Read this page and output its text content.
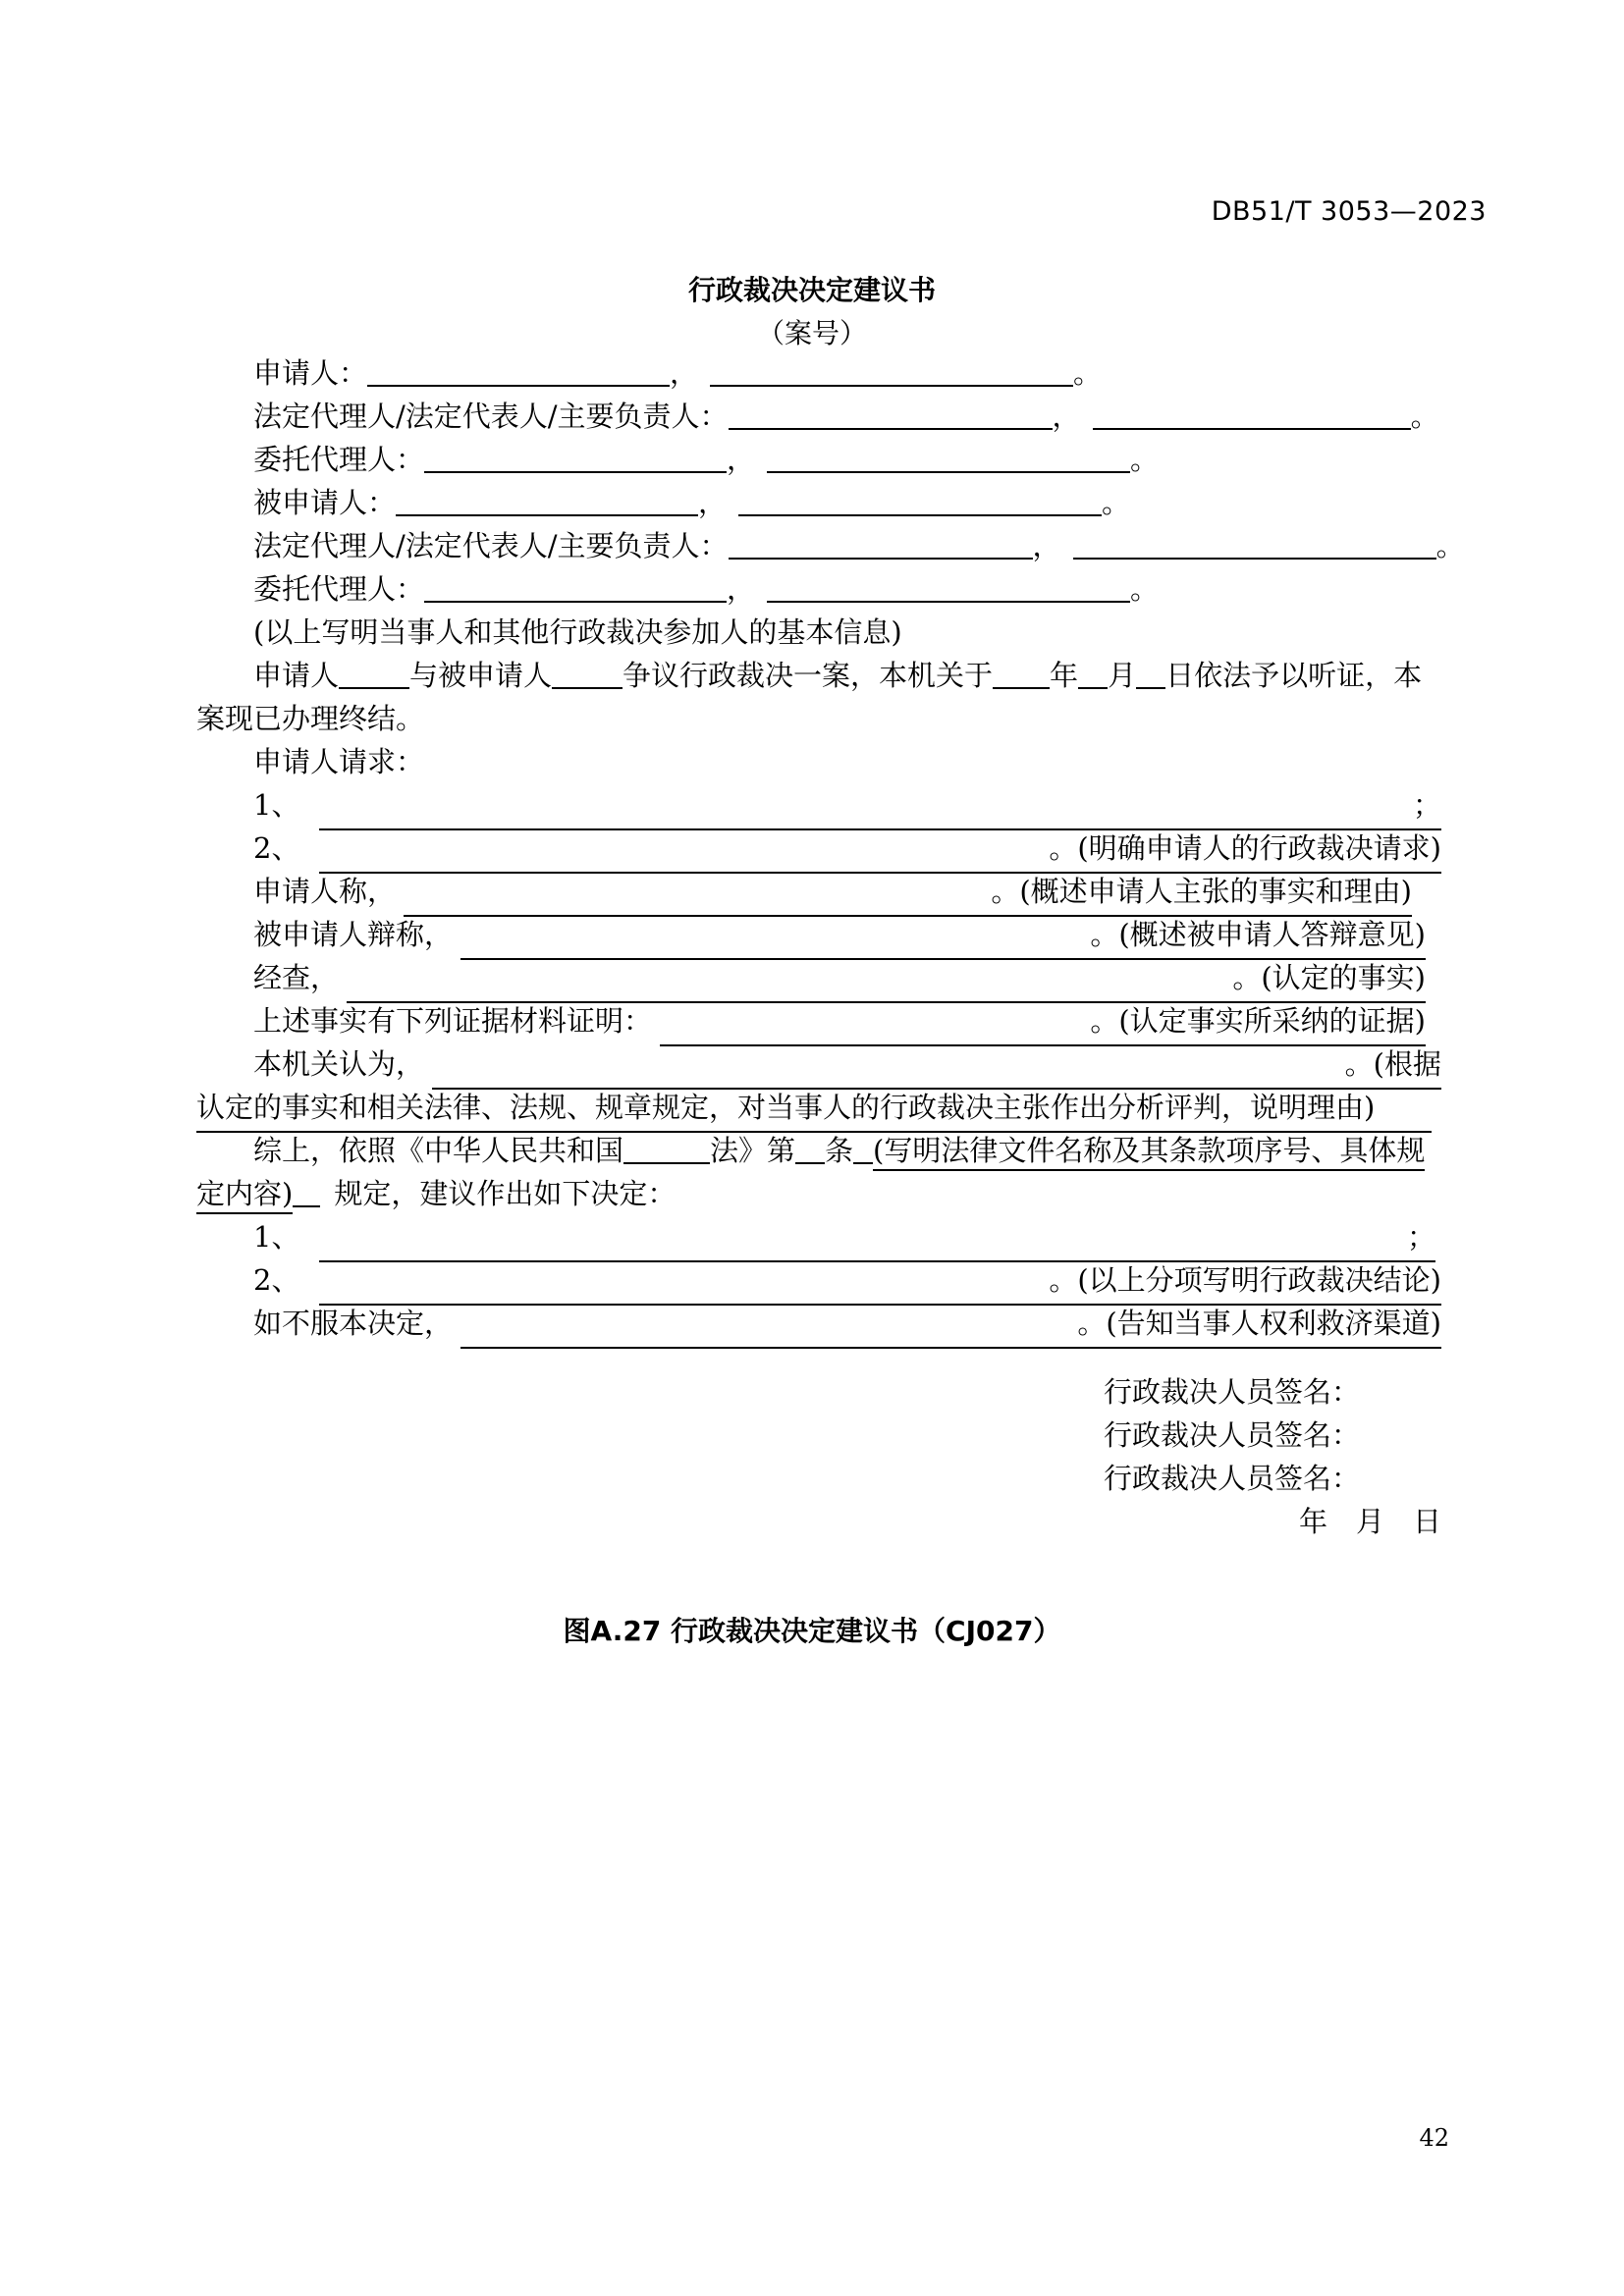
DB51/T 3053—2023
行政裁决决定建议书
（案号）
申请人：	，	。
法定代理人/法定代表人/主要负责人：	，	。
委托代理人：	，	。
被申请人：	，	。
法定代理人/法定代表人/主要负责人：	，	。
委托代理人：	，	。
(以上写明当事人和其他行政裁决参加人的基本信息)
申请人 与被申请人 争议行政裁决一案，本机关于 年 月 日依法予以听证，本
案现已办理终结。
申请人请求：
1、	；
2、	。(明确申请人的行政裁决请求)
申请人称，	。(概述申请人主张的事实和理由)
被申请人辩称，	。(概述被申请人答辩意见)
经查，	。(认定的事实)
上述事实有下列证据材料证明：	。(认定事实所采纳的证据)
本机关认为，	。(根据
认定的事实和相关法律、法规、规章规定，对当事人的行政裁决主张作出分析评判，说明理由)
综上，依照《中华人民共和国	法》第 条 (写明法律文件名称及其条款项序号、具体规
定内容) 规定，建议作出如下决定：
1、	；
2、	。(以上分项写明行政裁决结论)
如不服本决定，	。(告知当事人权利救济渠道)
行政裁决人员签名：
行政裁决人员签名：
行政裁决人员签名：
年　月　日
图A.27 行政裁决决定建议书（CJ027）
42
